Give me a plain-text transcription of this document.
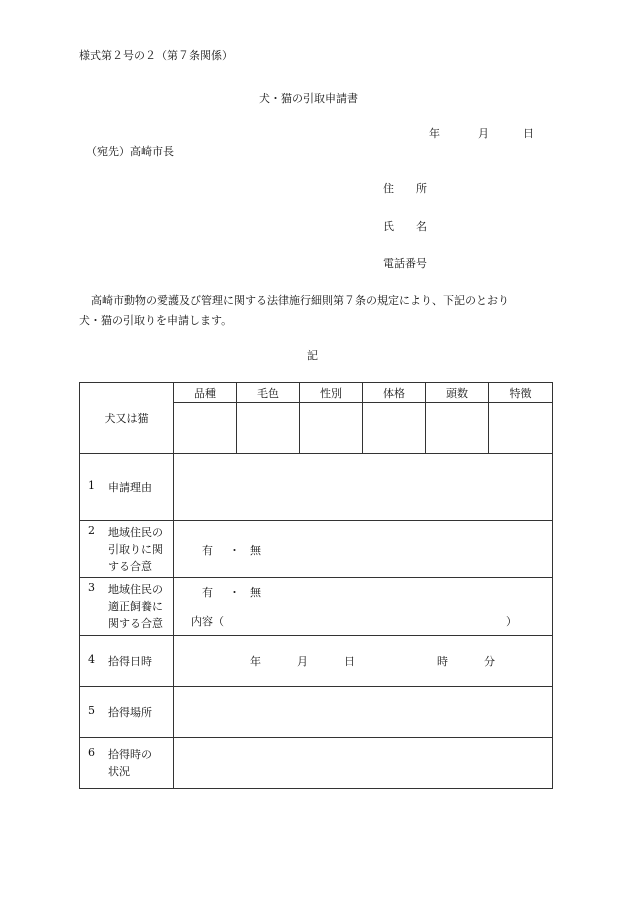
様式第２号の２（第７条関係）
犬・猫の引取申請書
年	月	日
（宛先）高崎市長
住　　所
氏　　名
電話番号
高崎市動物の愛護及び管理に関する法律施行細則第７条の規定により、下記のとおり
犬・猫の引取りを申請します。
記
犬又は猫	品種	毛色	性別	体格	頭数	特徴

1 申請理由						
2 地域住民の
引取りに関
する合意	有 ・ 無					

3 地域住民の
適正飼養に
関する合意	有 ・ 無
内容（ ）					

4 拾得日時	年 月 日 時 分					

5 拾得場所						
6 拾得時の
状況						
